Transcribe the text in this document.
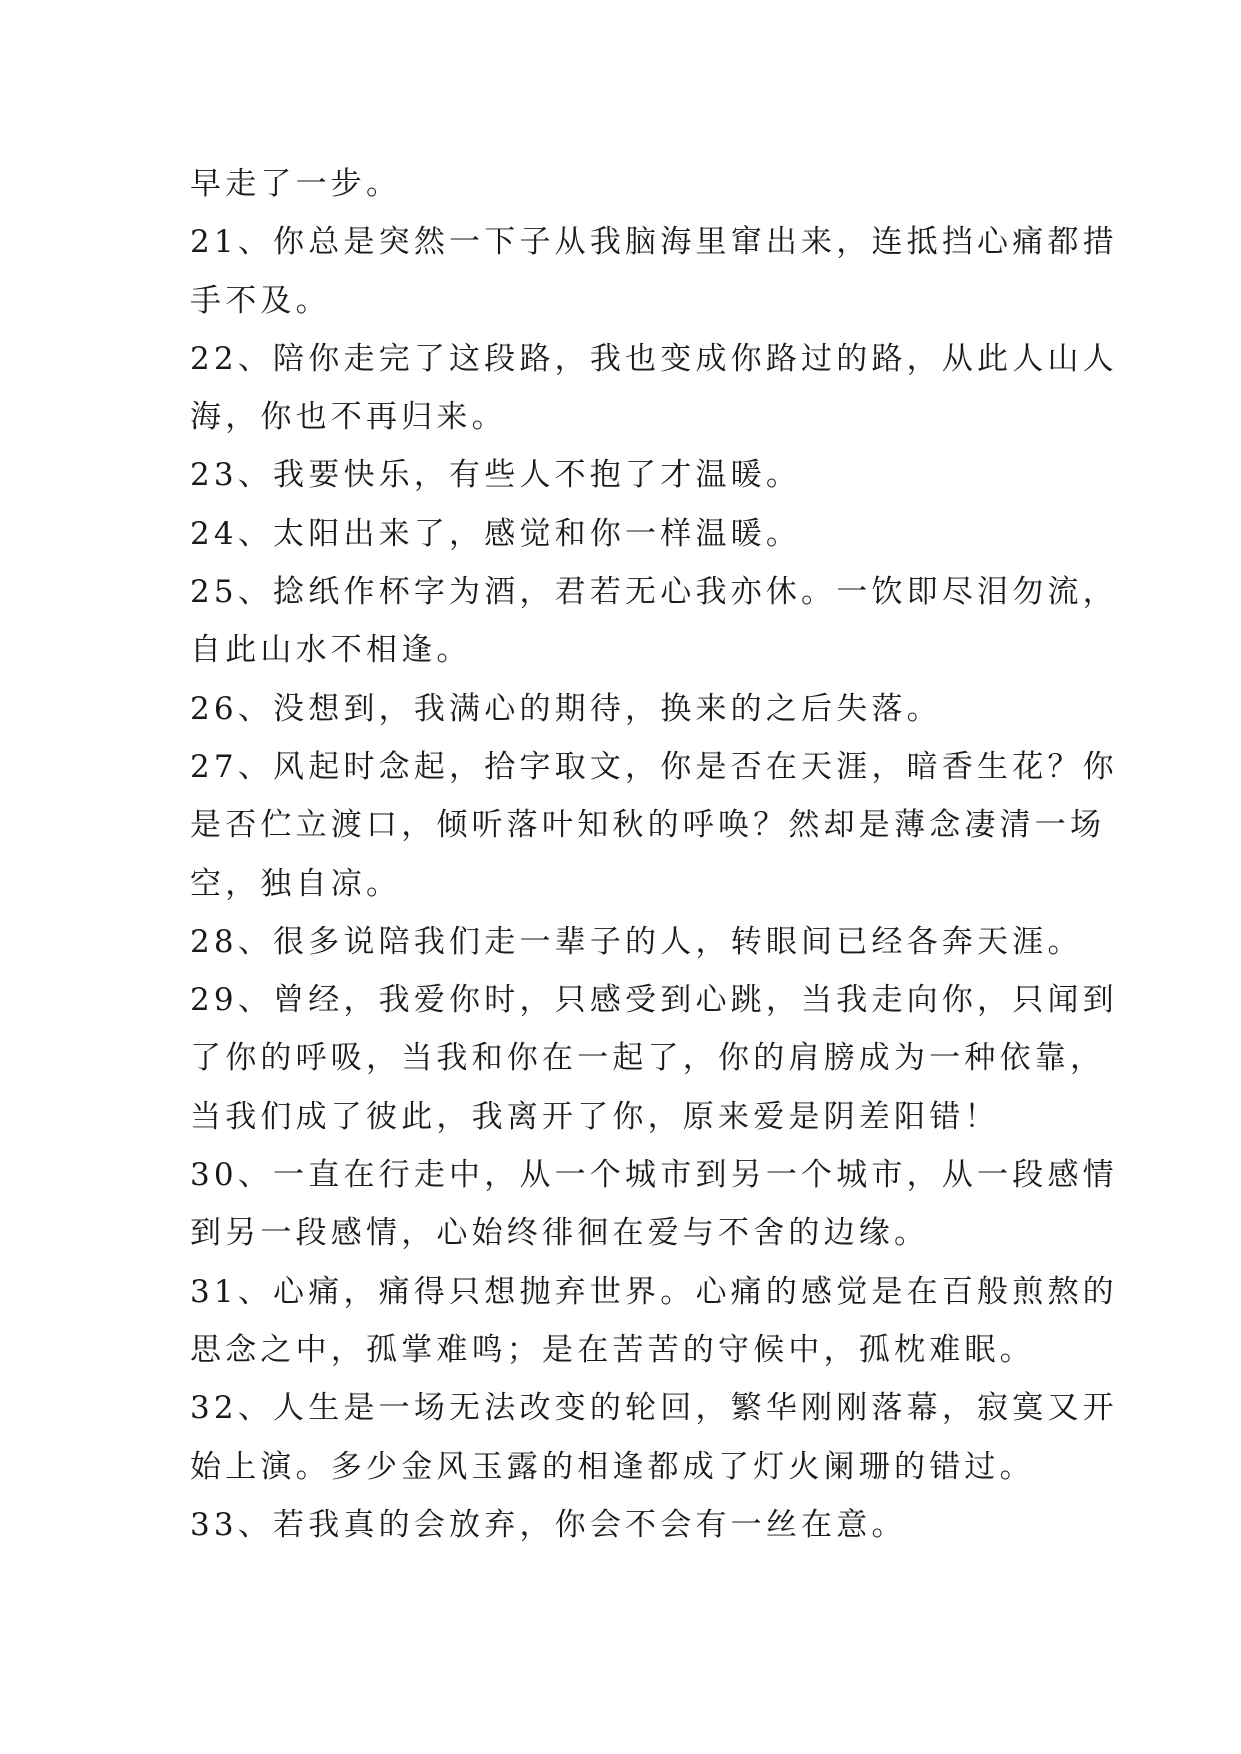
早走了一步。
21、你总是突然一下子从我脑海里窜出来，连抵挡心痛都措
手不及。
22、陪你走完了这段路，我也变成你路过的路，从此人山人
海，你也不再归来。
23、我要快乐，有些人不抱了才温暖。
24、太阳出来了，感觉和你一样温暖。
25、捻纸作杯字为酒，君若无心我亦休。一饮即尽泪勿流，
自此山水不相逢。
26、没想到，我满心的期待，换来的之后失落。
27、风起时念起，拾字取文，你是否在天涯，暗香生花？你
是否伫立渡口，倾听落叶知秋的呼唤？然却是薄念凄清一场
空，独自凉。
28、很多说陪我们走一辈子的人，转眼间已经各奔天涯。
29、曾经，我爱你时，只感受到心跳，当我走向你，只闻到
了你的呼吸，当我和你在一起了，你的肩膀成为一种依靠，
当我们成了彼此，我离开了你，原来爱是阴差阳错！
30、一直在行走中，从一个城市到另一个城市，从一段感情
到另一段感情，心始终徘徊在爱与不舍的边缘。
31、心痛，痛得只想抛弃世界。心痛的感觉是在百般煎熬的
思念之中，孤掌难鸣；是在苦苦的守候中，孤枕难眠。
32、人生是一场无法改变的轮回，繁华刚刚落幕，寂寞又开
始上演。多少金风玉露的相逢都成了灯火阑珊的错过。
33、若我真的会放弃，你会不会有一丝在意。
